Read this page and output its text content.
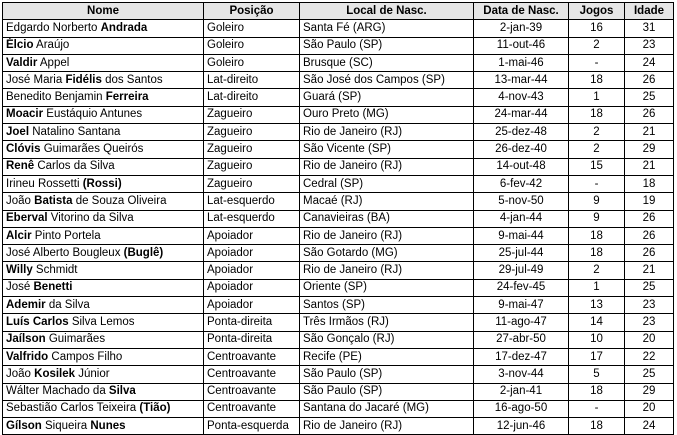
Nome	Posição	Local de Nasc.	Data de Nasc.	Jogos	Idade
Edgardo Norberto Andrada	Goleiro	Santa Fé (ARG)	2-jan-39	16	31
Élcio Araújo	Goleiro	São Paulo (SP)	11-out-46	2	23
Valdir Appel	Goleiro	Brusque (SC)	1-mai-46	-	24
José Maria Fidélis dos Santos	Lat-direito	São José dos Campos (SP)	13-mar-44	18	26
Benedito Benjamin Ferreira	Lat-direito	Guará (SP)	4-nov-43	1	25
Moacir Eustáquio Antunes	Zagueiro	Ouro Preto (MG)	24-mar-44	18	26
Joel Natalino Santana	Zagueiro	Rio de Janeiro (RJ)	25-dez-48	2	21
Clóvis Guimarães Queirós	Zagueiro	São Vicente (SP)	26-dez-40	2	29
Renê Carlos da Silva	Zagueiro	Rio de Janeiro (RJ)	14-out-48	15	21
Irineu Rossetti (Rossi)	Zagueiro	Cedral (SP)	6-fev-42	-	18
João Batista de Souza Oliveira	Lat-esquerdo	Macaé (RJ)	5-nov-50	9	19
Eberval Vitorino da Silva	Lat-esquerdo	Canavieiras (BA)	4-jan-44	9	26
Alcir Pinto Portela	Apoiador	Rio de Janeiro (RJ)	9-mai-44	18	26
José Alberto Bougleux (Buglê)	Apoiador	São Gotardo (MG)	25-jul-44	18	26
Willy Schmidt	Apoiador	Rio de Janeiro (RJ)	29-jul-49	2	21
José Benetti	Apoiador	Oriente (SP)	24-fev-45	1	25
Ademir da Silva	Apoiador	Santos (SP)	9-mai-47	13	23
Luís Carlos Silva Lemos	Ponta-direita	Três Irmãos (RJ)	11-ago-47	14	23
Jaílson Guimarães	Ponta-direita	São Gonçalo (RJ)	27-abr-50	10	20
Valfrido Campos Filho	Centroavante	Recife (PE)	17-dez-47	17	22
João Kosilek Júnior	Centroavante	São Paulo (SP)	3-nov-44	5	25
Wálter Machado da Silva	Centroavante	São Paulo (SP)	2-jan-41	18	29
Sebastião Carlos Teixeira (Tião)	Centroavante	Santana do Jacaré (MG)	16-ago-50	-	20
Gílson Siqueira Nunes	Ponta-esquerda	Rio de Janeiro (RJ)	12-jun-46	18	24
